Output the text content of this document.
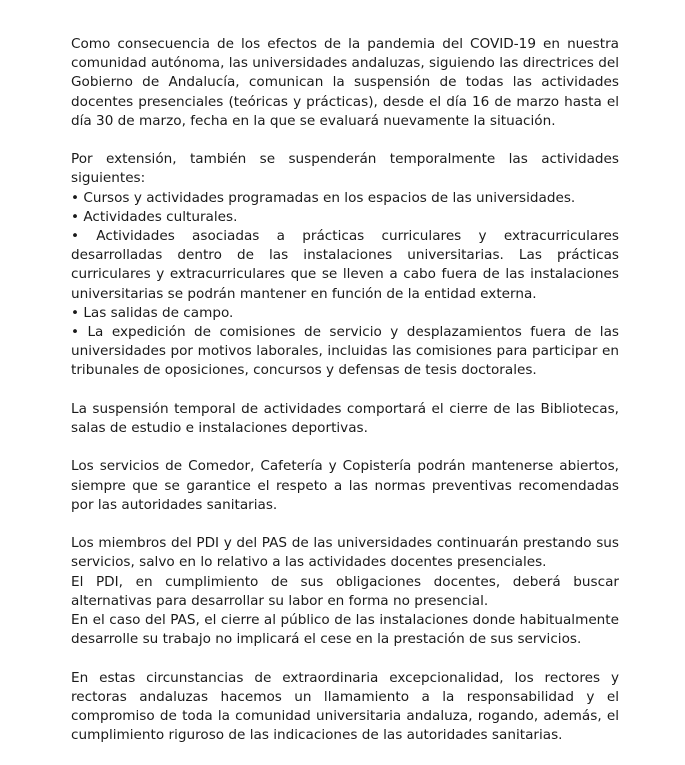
Como consecuencia de los efectos de la pandemia del COVID-19 en nuestra comunidad autónoma, las universidades andaluzas, siguiendo las directrices del Gobierno de Andalucía, comunican la suspensión de todas las actividades docentes presenciales (teóricas y prácticas), desde el día 16 de marzo hasta el día 30 de marzo, fecha en la que se evaluará nuevamente la situación.

Por extensión, también se suspenderán temporalmente las actividades siguientes:
• Cursos y actividades programadas en los espacios de las universidades.
• Actividades culturales.
• Actividades asociadas a prácticas curriculares y extracurriculares desarrolladas dentro de las instalaciones universitarias. Las prácticas curriculares y extracurriculares que se lleven a cabo fuera de las instalaciones universitarias se podrán mantener en función de la entidad externa.
• Las salidas de campo.
• La expedición de comisiones de servicio y desplazamientos fuera de las universidades por motivos laborales, incluidas las comisiones para participar en tribunales de oposiciones, concursos y defensas de tesis doctorales.

La suspensión temporal de actividades comportará el cierre de las Bibliotecas, salas de estudio e instalaciones deportivas.

Los servicios de Comedor, Cafetería y Copistería podrán mantenerse abiertos, siempre que se garantice el respeto a las normas preventivas recomendadas por las autoridades sanitarias.

Los miembros del PDI y del PAS de las universidades continuarán prestando sus servicios, salvo en lo relativo a las actividades docentes presenciales.
El PDI, en cumplimiento de sus obligaciones docentes, deberá buscar alternativas para desarrollar su labor en forma no presencial.
En el caso del PAS, el cierre al público de las instalaciones donde habitualmente desarrolle su trabajo no implicará el cese en la prestación de sus servicios.

En estas circunstancias de extraordinaria excepcionalidad, los rectores y rectoras andaluzas hacemos un llamamiento a la responsabilidad y el compromiso de toda la comunidad universitaria andaluza, rogando, además, el cumplimiento riguroso de las indicaciones de las autoridades sanitarias.
